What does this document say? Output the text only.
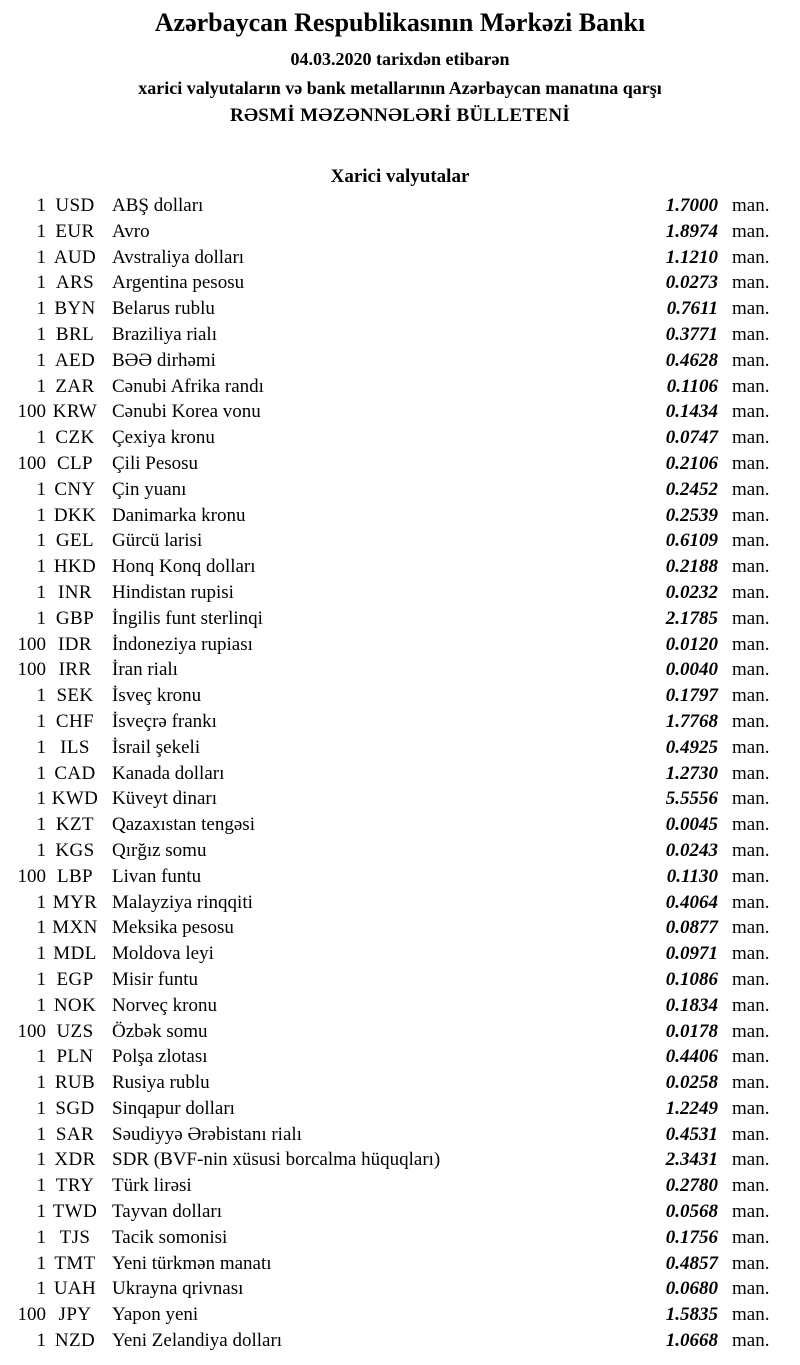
Azərbaycan Respublikasının Mərkəzi Bankı

04.03.2020 tarixdən etibarən

xarici valyutaların və bank metallarının Azərbaycan manatına qarşı

RƏSMİ MƏZƏNNƏLƏRİ BÜLLETENİ

Xarici valyutalar
1 USD ABŞ dolları	1.7000 man.
1 EUR Avro	1.8974 man.
1 AUD Avstraliya dolları	1.1210 man.
1 ARS Argentina pesosu	0.0273 man.
1 BYN Belarus rublu	0.7611 man.
1 BRL Braziliya rialı	0.3771 man.
1 AED BƏƏ dirhəmi	0.4628 man.
1 ZAR Cənubi Afrika randı	0.1106 man.
100 KRW Cənubi Korea vonu	0.1434 man.
1 CZK Çexiya kronu	0.0747 man.
100 CLP Çili Pesosu	0.2106 man.
1 CNY Çin yuanı	0.2452 man.
1 DKK Danimarka kronu	0.2539 man.
1 GEL Gürcü larisi	0.6109 man.
1 HKD Honq Konq dolları	0.2188 man.
1 INR	Hindistan rupisi	0.0232 man.
1 GBP İngilis funt sterlinqi	2.1785 man.
100 IDR	İndoneziya rupiası	0.0120 man.
100 IRR	İran rialı	0.0040 man.
1 SEK İsveç kronu	0.1797 man.
1 CHF İsveçrə frankı	1.7768 man.
1 ILS	İsrail şekeli	0.4925 man.
1 CAD Kanada dolları	1.2730 man.
1 KWD Küveyt dinarı	5.5556 man.
1 KZT Qazaxıstan tengəsi	0.0045 man.
1 KGS Qırğız somu	0.0243 man.
100 LBP Livan funtu	0.1130 man.
1 MYR Malayziya rinqqiti	0.4064 man.
1 MXN Meksika pesosu	0.0877 man.
1 MDL Moldova leyi	0.0971 man.
1 EGP Misir funtu	0.1086 man.
1 NOK Norveç kronu	0.1834 man.
100 UZS Özbək somu	0.0178 man.
1 PLN Polşa zlotası	0.4406 man.
1 RUB Rusiya rublu	0.0258 man.
1 SGD Sinqapur dolları	1.2249 man.
1 SAR Səudiyyə Ərəbistanı rialı	0.4531 man.
1 XDR SDR (BVF-nin xüsusi borcalma hüquqları)	2.3431 man.
1 TRY Türk lirəsi	0.2780 man.
1 TWD Tayvan dolları	0.0568 man.
1 TJS	Tacik somonisi	0.1756 man.
1 TMT Yeni türkmən manatı	0.4857 man.
1 UAH Ukrayna qrivnası	0.0680 man.
100 JPY	Yapon yeni	1.5835 man.
1 NZD Yeni Zelandiya dolları	1.0668 man.
